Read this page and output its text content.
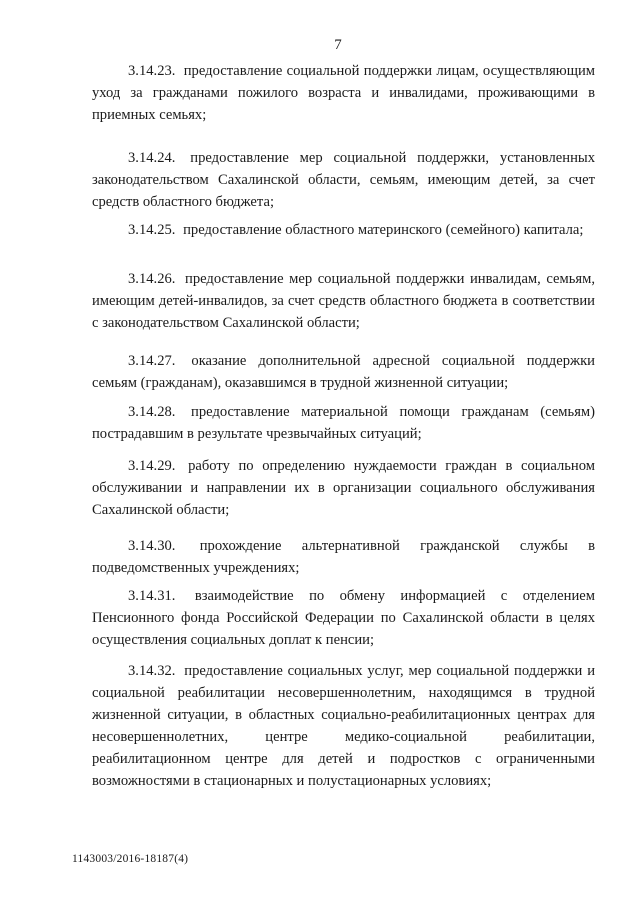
7

3.14.23. предоставление социальной поддержки лицам, осуществляющим уход за гражданами пожилого возраста и инвалидами, проживающими в приемных семьях;

3.14.24. предоставление мер социальной поддержки, установленных законодательством Сахалинской области, семьям, имеющим детей, за счет средств областного бюджета;

3.14.25. предоставление областного материнского (семейного) капитала;

3.14.26. предоставление мер социальной поддержки инвалидам, семьям, имеющим детей-инвалидов, за счет средств областного бюджета в соответствии с законодательством Сахалинской области;

3.14.27. оказание дополнительной адресной социальной поддержки семьям (гражданам), оказавшимся в трудной жизненной ситуации;

3.14.28. предоставление материальной помощи гражданам (семьям) пострадавшим в результате чрезвычайных ситуаций;

3.14.29. работу по определению нуждаемости граждан в социальном обслуживании и направлении их в организации социального обслуживания Сахалинской области;

3.14.30. прохождение альтернативной гражданской службы в подведомственных учреждениях;

3.14.31. взаимодействие по обмену информацией с отделением Пенсионного фонда Российской Федерации по Сахалинской области в целях осуществления социальных доплат к пенсии;

3.14.32. предоставление социальных услуг, мер социальной поддержки и социальной реабилитации несовершеннолетним, находящимся в трудной жизненной ситуации, в областных социально-реабилитационных центрах для несовершеннолетних, центре медико-социальной реабилитации, реабилитационном центре для детей и подростков с ограниченными возможностями в стационарных и полустационарных условиях;

1143003/2016-18187(4)
